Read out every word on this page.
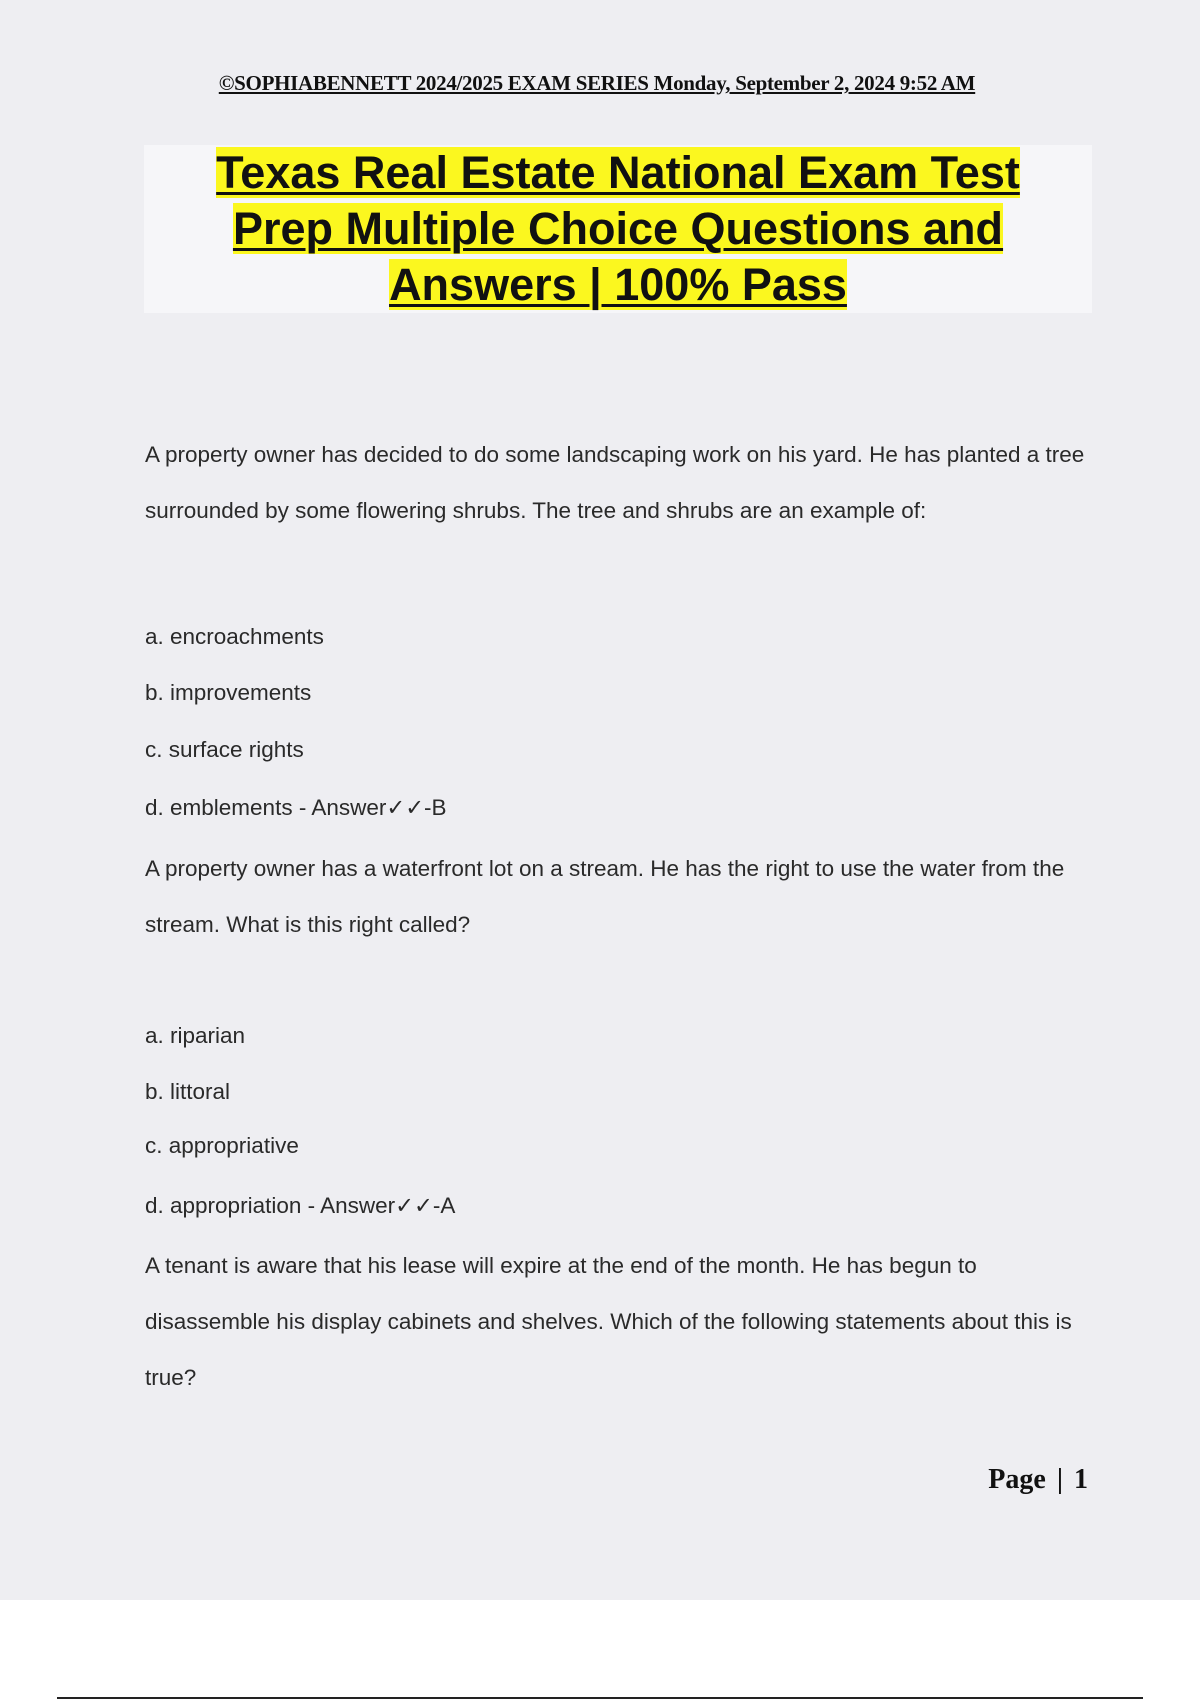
©SOPHIABENNETT 2024/2025 EXAM SERIES Monday, September 2, 2024 9:52 AM
Texas Real Estate National Exam Test
Prep Multiple Choice Questions and
Answers | 100% Pass

A property owner has decided to do some landscaping work on his yard. He has planted a tree surrounded by some flowering shrubs. The tree and shrubs are an example of:

a. encroachments
b. improvements
c. surface rights
d. emblements - Answer✓✓-B

A property owner has a waterfront lot on a stream. He has the right to use the water from the stream. What is this right called?

a. riparian
b. littoral
c. appropriative
d. appropriation - Answer✓✓-A

A tenant is aware that his lease will expire at the end of the month. He has begun to disassemble his display cabinets and shelves. Which of the following statements about this is true?

Page | 1
